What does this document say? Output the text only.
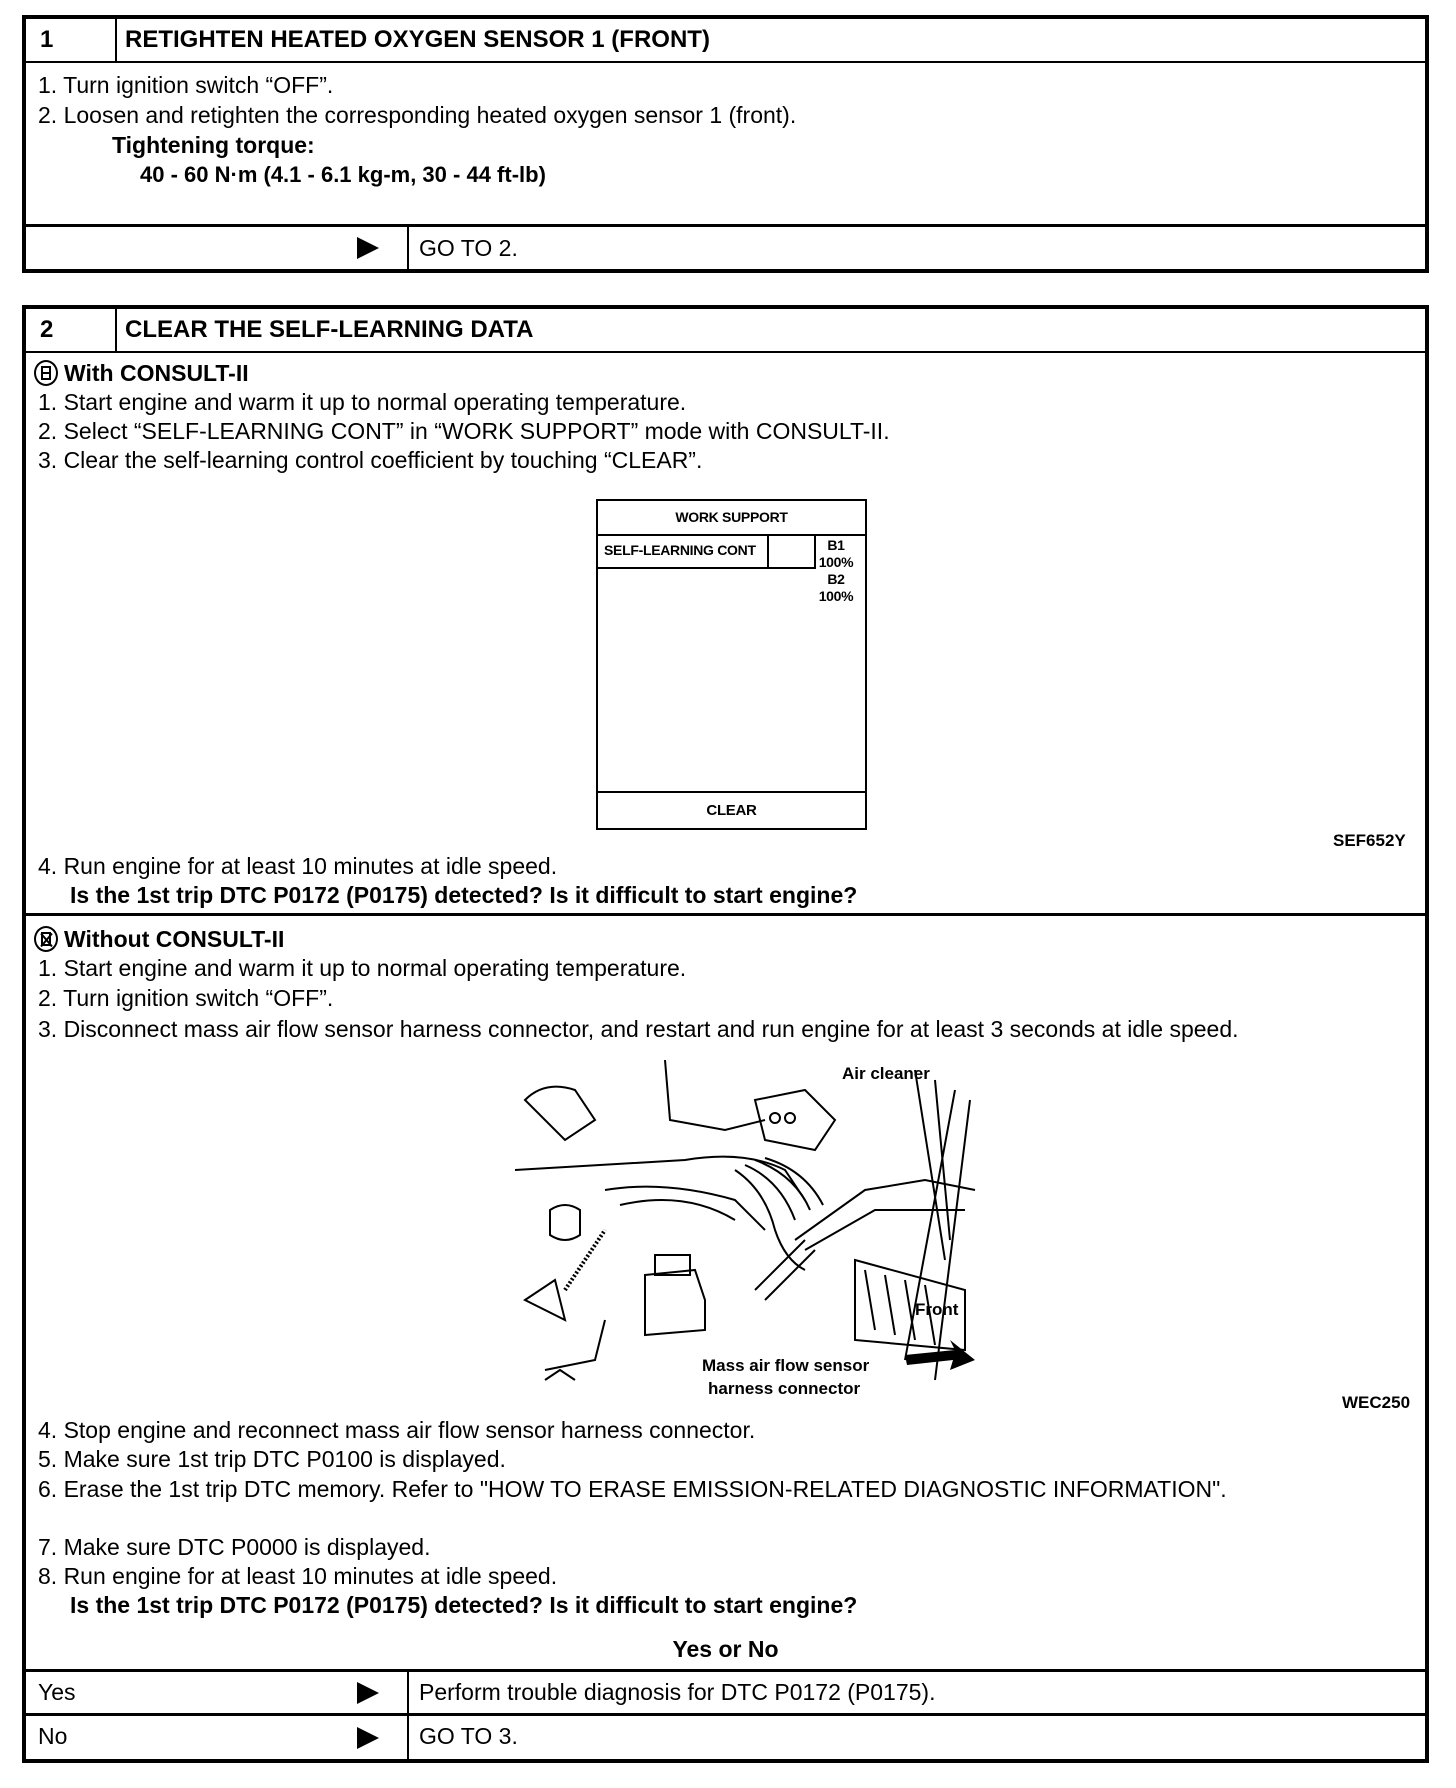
1	RETIGHTEN HEATED OXYGEN SENSOR 1 (FRONT)
1. Turn ignition switch “OFF”.
2. Loosen and retighten the corresponding heated oxygen sensor 1 (front).
Tightening torque:
40 - 60 N·m (4.1 - 6.1 kg-m, 30 - 44 ft-lb)
GO TO 2.
2	CLEAR THE SELF-LEARNING DATA
With CONSULT-II
1. Start engine and warm it up to normal operating temperature.
2. Select “SELF-LEARNING CONT” in “WORK SUPPORT” mode with CONSULT-II.
3. Clear the self-learning control coefficient by touching “CLEAR”.
SEF652Y
4. Run engine for at least 10 minutes at idle speed.
Is the 1st trip DTC P0172 (P0175) detected? Is it difficult to start engine?
Without CONSULT-II
1. Start engine and warm it up to normal operating temperature.
2. Turn ignition switch “OFF”.
3. Disconnect mass air flow sensor harness connector, and restart and run engine for at least 3 seconds at idle speed.
WEC250
4. Stop engine and reconnect mass air flow sensor harness connector.
5. Make sure 1st trip DTC P0100 is displayed.
6. Erase the 1st trip DTC memory. Refer to "HOW TO ERASE EMISSION-RELATED DIAGNOSTIC INFORMATION".
7. Make sure DTC P0000 is displayed.
8. Run engine for at least 10 minutes at idle speed.
Is the 1st trip DTC P0172 (P0175) detected? Is it difficult to start engine?
Yes or No
Yes	Perform trouble diagnosis for DTC P0172 (P0175).
No	GO TO 3.
WORK SUPPORT
SELF-LEARNING CONT	B1
100%
B2
100%
CLEAR
Air cleaner
Front
Mass air flow sensor
harness connector
